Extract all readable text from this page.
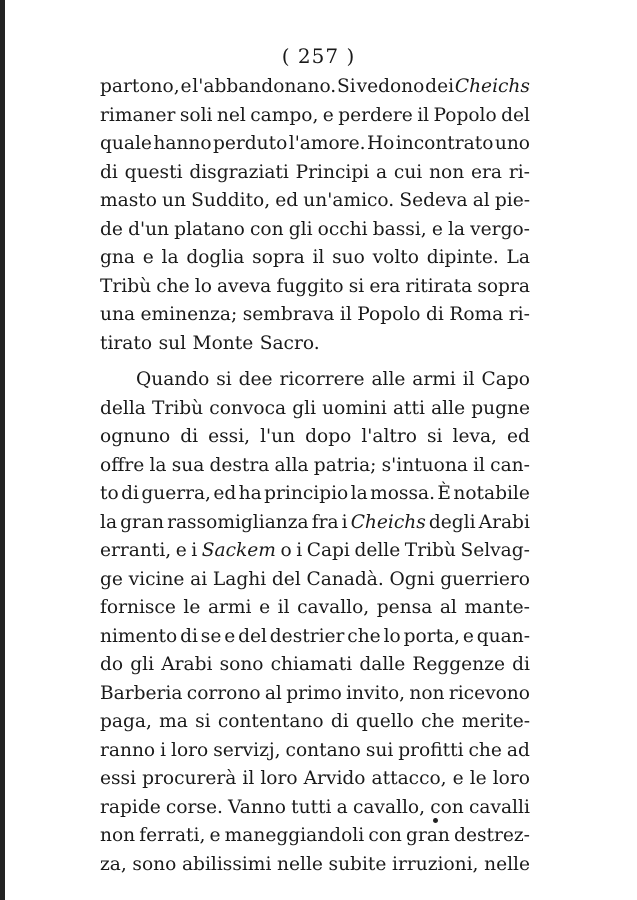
( 257 )
partono, e l'abbandonano. Si vedono dei Cheichs
rimaner soli nel campo, e perdere il Popolo del
quale hanno perduto l'amore. Ho incontrato uno
di questi disgraziati Principi a cui non era ri-
masto un Suddito, ed un'amico. Sedeva al pie-
de d'un platano con gli occhi bassi, e la vergo-
gna e la doglia sopra il suo volto dipinte. La
Tribù che lo aveva fuggito si era ritirata sopra
una eminenza; sembrava il Popolo di Roma ri-
tirato sul Monte Sacro.
Quando si dee ricorrere alle armi il Capo
della Tribù convoca gli uomini atti alle pugne
ognuno di essi, l'un dopo l'altro si leva, ed
offre la sua destra alla patria; s'intuona il can-
to di guerra, ed ha principio la mossa. È notabile
la gran rassomiglianza fra i Cheichs degli Arabi
erranti, e i Sackem o i Capi delle Tribù Selvag-
ge vicine ai Laghi del Canadà. Ogni guerriero
fornisce le armi e il cavallo, pensa al mante-
nimento di se e del destrier che lo porta, e quan-
do gli Arabi sono chiamati dalle Reggenze di
Barberia corrono al primo invito, non ricevono
paga, ma si contentano di quello che merite-
ranno i loro servizj, contano sui profitti che ad
essi procurerà il loro Arvido attacco, e le loro
rapide corse. Vanno tutti a cavallo, con cavalli
non ferrati, e maneggiandoli con gran destrez-
za, sono abilissimi nelle subite irruzioni, nelle
